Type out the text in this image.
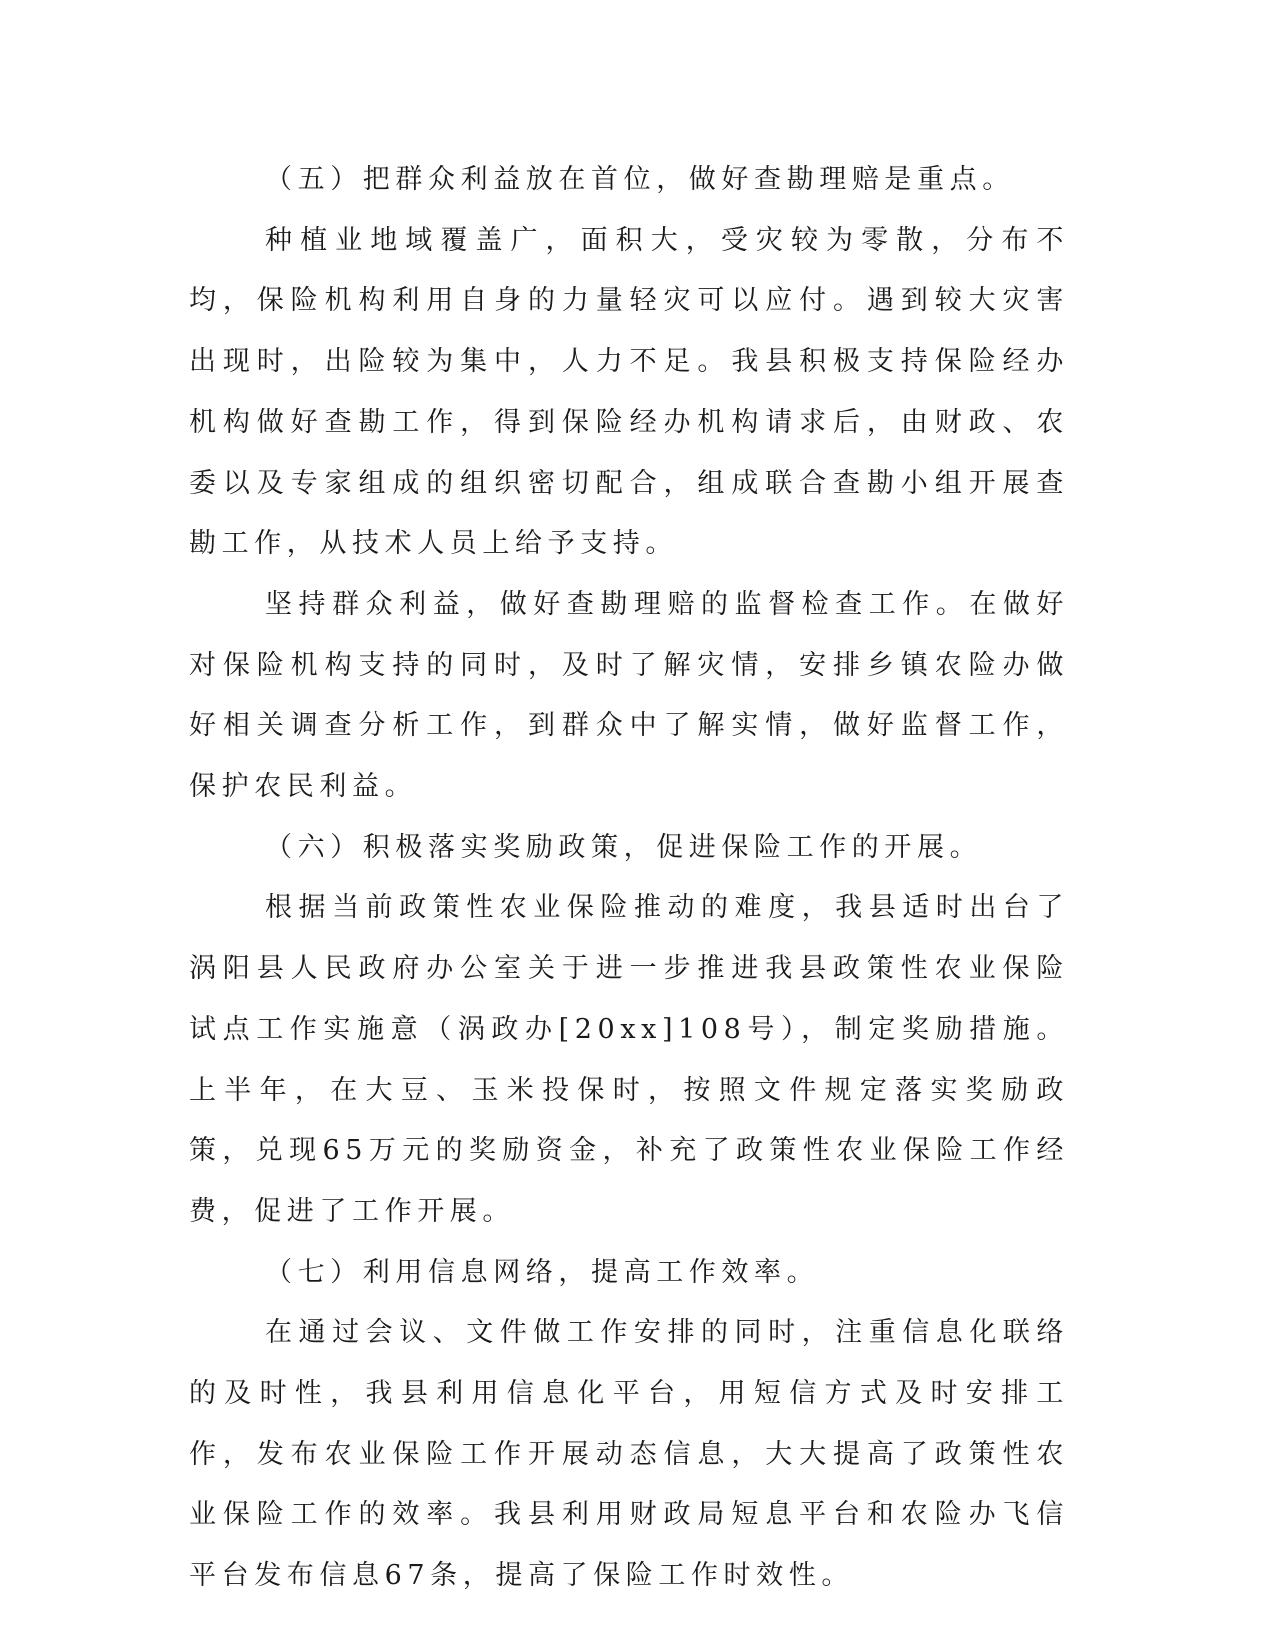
（五）把群众利益放在首位，做好查勘理赔是重点。

种植业地域覆盖广，面积大，受灾较为零散，分布不均，保险机构利用自身的力量轻灾可以应付。遇到较大灾害出现时，出险较为集中，人力不足。我县积极支持保险经办机构做好查勘工作，得到保险经办机构请求后，由财政、农委以及专家组成的组织密切配合，组成联合查勘小组开展查勘工作，从技术人员上给予支持。

坚持群众利益，做好查勘理赔的监督检查工作。在做好对保险机构支持的同时，及时了解灾情，安排乡镇农险办做好相关调查分析工作，到群众中了解实情，做好监督工作，保护农民利益。

（六）积极落实奖励政策，促进保险工作的开展。

根据当前政策性农业保险推动的难度，我县适时出台了涡阳县人民政府办公室关于进一步推进我县政策性农业保险试点工作实施意（涡政办[20xx]108号），制定奖励措施。上半年，在大豆、玉米投保时，按照文件规定落实奖励政策，兑现65万元的奖励资金，补充了政策性农业保险工作经费，促进了工作开展。

（七）利用信息网络，提高工作效率。

在通过会议、文件做工作安排的同时，注重信息化联络的及时性，我县利用信息化平台，用短信方式及时安排工作，发布农业保险工作开展动态信息，大大提高了政策性农业保险工作的效率。我县利用财政局短息平台和农险办飞信平台发布信息67条，提高了保险工作时效性。
